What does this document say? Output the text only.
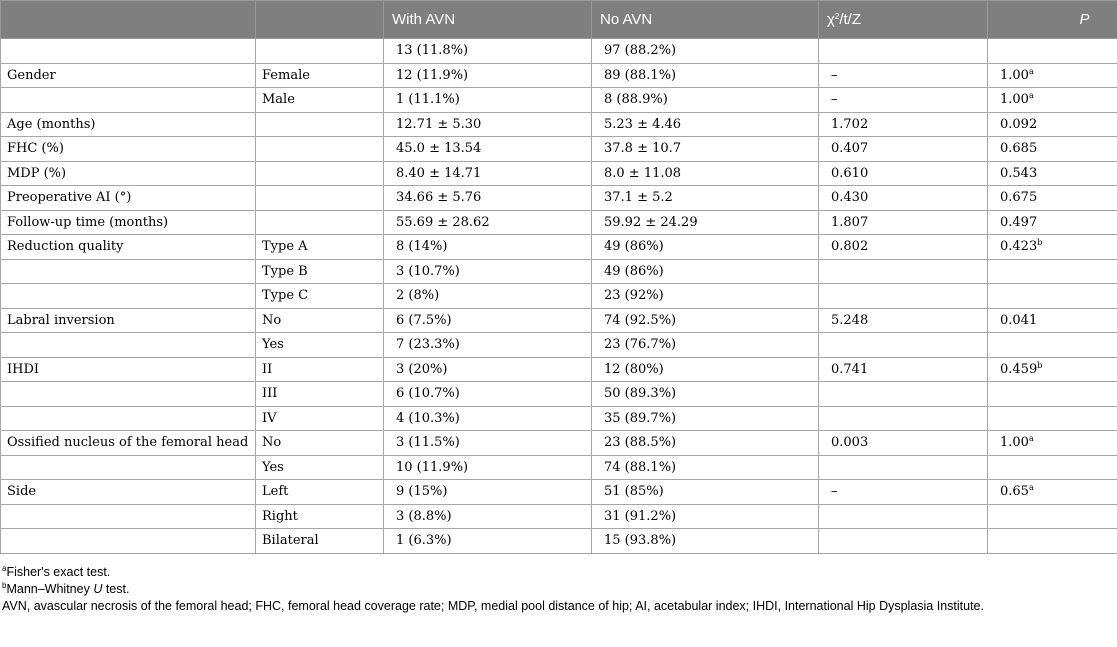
		With AVN	No AVN	$\chi^2/t/Z$	P
		13 (11.8%)	97 (88.2%)		
Gender	Female	12 (11.9%)	89 (88.1%)	–	1.00$^a$
	Male	1 (11.1%)	8 (88.9%)	–	1.00$^a$
Age (months)		12.71 ± 5.30	5.23 ± 4.46	1.702	0.092
FHC (%)		45.0 ± 13.54	37.8 ± 10.7	0.407	0.685
MDP (%)		8.40 ± 14.71	8.0 ± 11.08	0.610	0.543
Preoperative AI (°)		34.66 ± 5.76	37.1 ± 5.2	0.430	0.675
Follow-up time (months)		55.69 ± 28.62	59.92 ± 24.29	1.807	0.497
Reduction quality	Type A	8 (14%)	49 (86%)	0.802	0.423$^b$
	Type B	3 (10.7%)	49 (86%)		
	Type C	2 (8%)	23 (92%)		
Labral inversion	No	6 (7.5%)	74 (92.5%)	5.248	0.041
	Yes	7 (23.3%)	23 (76.7%)		
IHDI	II	3 (20%)	12 (80%)	0.741	0.459$^b$
	III	6 (10.7%)	50 (89.3%)		
	IV	4 (10.3%)	35 (89.7%)		
Ossified nucleus of the femoral head	No	3 (11.5%)	23 (88.5%)	0.003	1.00$^a$
	Yes	10 (11.9%)	74 (88.1%)		
Side	Left	9 (15%)	51 (85%)	–	0.65$^a$
	Right	3 (8.8%)	31 (91.2%)		
	Bilateral	1 (6.3%)	15 (93.8%)		
$^a$Fisher's exact test.
$^b$Mann–Whitney U test.
AVN, avascular necrosis of the femoral head; FHC, femoral head coverage rate; MDP, medial pool distance of hip; AI, acetabular index; IHDI, International Hip Dysplasia Institute.
